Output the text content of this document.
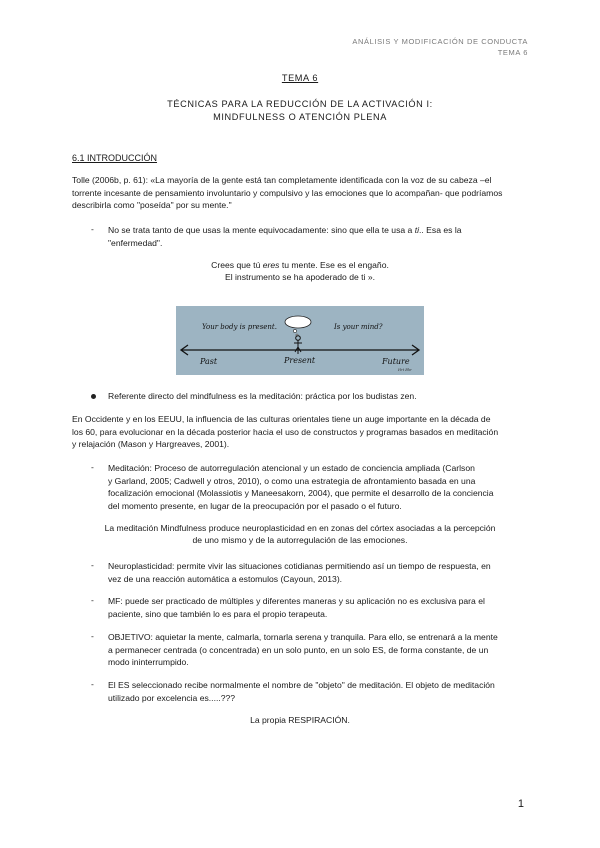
ANÁLISIS Y MODIFICACIÓN DE CONDUCTA
TEMA 6
TEMA 6
TÉCNICAS PARA LA REDUCCIÓN DE LA ACTIVACIÓN I:
MINDFULNESS O ATENCIÓN PLENA
6.1 INTRODUCCIÓN
Tolle (2006b, p. 61): «La mayoría de la gente está tan completamente identificada con la voz de su cabeza –el
torrente incesante de pensamiento involuntario y compulsivo y las emociones que lo acompañan- que podríamos
describirla como "poseída" por su mente."
- No se trata tanto de que usas la mente equivocadamente: sino que ella te usa a ti.. Esa es la
"enfermedad".
Crees que tú eres tu mente. Ese es el engaño.
El instrumento se ha apoderado de ti ».
Your body is present.	Is your mind?
Past	Present	Future
Hrt Bhr
Referente directo del mindfulness es la meditación: práctica por los budistas zen.
En Occidente y en los EEUU, la influencia de las culturas orientales tiene un auge importante en la década de
los 60, para evolucionar en la década posterior hacia el uso de constructos y programas basados en meditación
y relajación (Mason y Hargreaves, 2001).
- Meditación: Proceso de autorregulación atencional y un estado de conciencia ampliada (Carlson
y Garland, 2005; Cadwell y otros, 2010), o como una estrategia de afrontamiento basada en una
focalización emocional (Molassiotis y Maneesakorn, 2004), que permite el desarrollo de la conciencia
del momento presente, en lugar de la preocupación por el pasado o el futuro.
La meditación Mindfulness produce neuroplasticidad en en zonas del córtex asociadas a la percepción
de uno mismo y de la autorregulación de las emociones.
- Neuroplasticidad: permite vivir las situaciones cotidianas permitiendo así un tiempo de respuesta, en
vez de una reacción automática a estomulos (Cayoun, 2013).
- MF: puede ser practicado de múltiples y diferentes maneras y su aplicación no es exclusiva para el
paciente, sino que también lo es para el propio terapeuta.
- OBJETIVO: aquietar la mente, calmarla, tornarla serena y tranquila. Para ello, se entrenará a la mente
a permanecer centrada (o concentrada) en un solo punto, en un solo ES, de forma constante, de un
modo ininterrumpido.
- El ES seleccionado recibe normalmente el nombre de "objeto" de meditación. El objeto de meditación
utilizado por excelencia es.....???
La propia RESPIRACIÓN.
1
